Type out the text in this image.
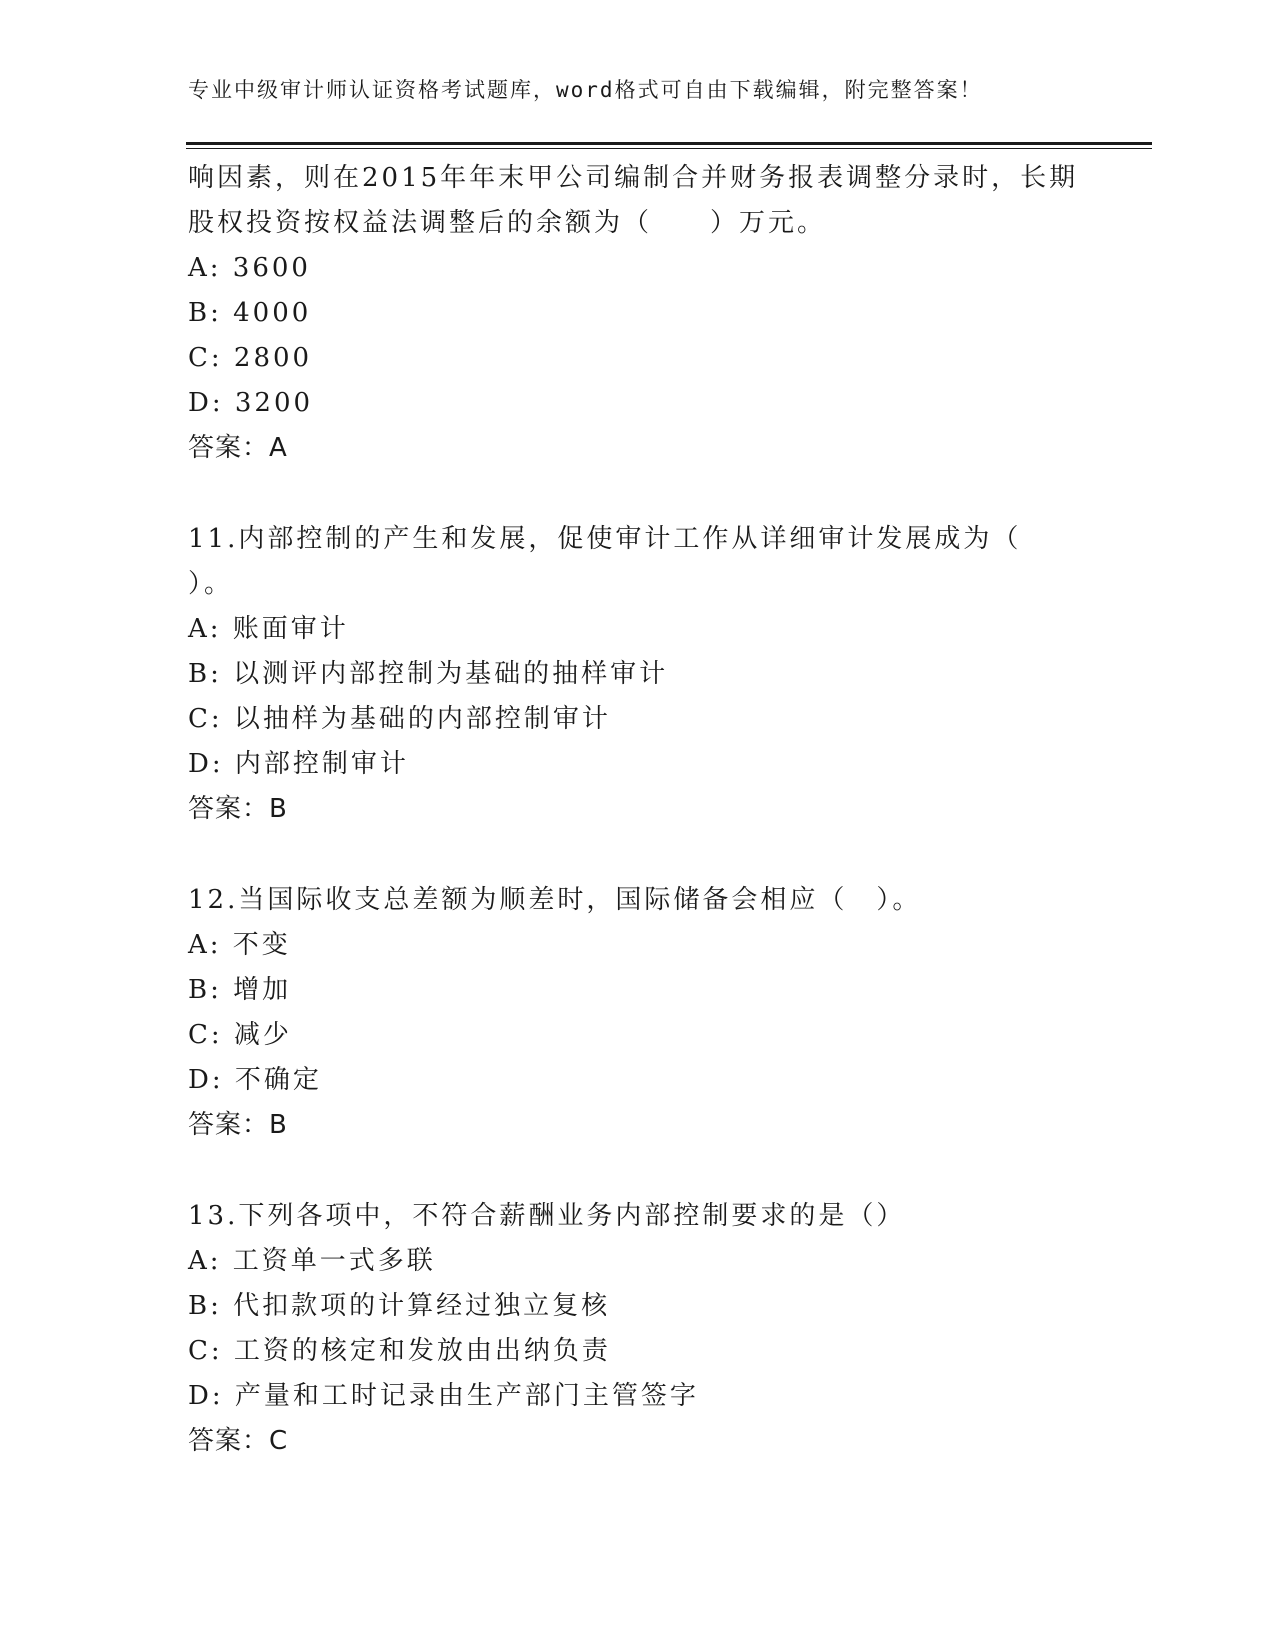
专业中级审计师认证资格考试题库，word格式可自由下载编辑，附完整答案！
响因素，则在2015年年末甲公司编制合并财务报表调整分录时，长期
股权投资按权益法调整后的余额为（　　）万元。
A: 3600
B: 4000
C: 2800
D: 3200
答案：A
11.内部控制的产生和发展，促使审计工作从详细审计发展成为（
）。
A: 账面审计
B: 以测评内部控制为基础的抽样审计
C: 以抽样为基础的内部控制审计
D: 内部控制审计
答案：B
12.当国际收支总差额为顺差时，国际储备会相应（　）。
A: 不变
B: 增加
C: 减少
D: 不确定
答案：B
13.下列各项中，不符合薪酬业务内部控制要求的是（）
A: 工资单一式多联
B: 代扣款项的计算经过独立复核
C: 工资的核定和发放由出纳负责
D: 产量和工时记录由生产部门主管签字
答案：C
